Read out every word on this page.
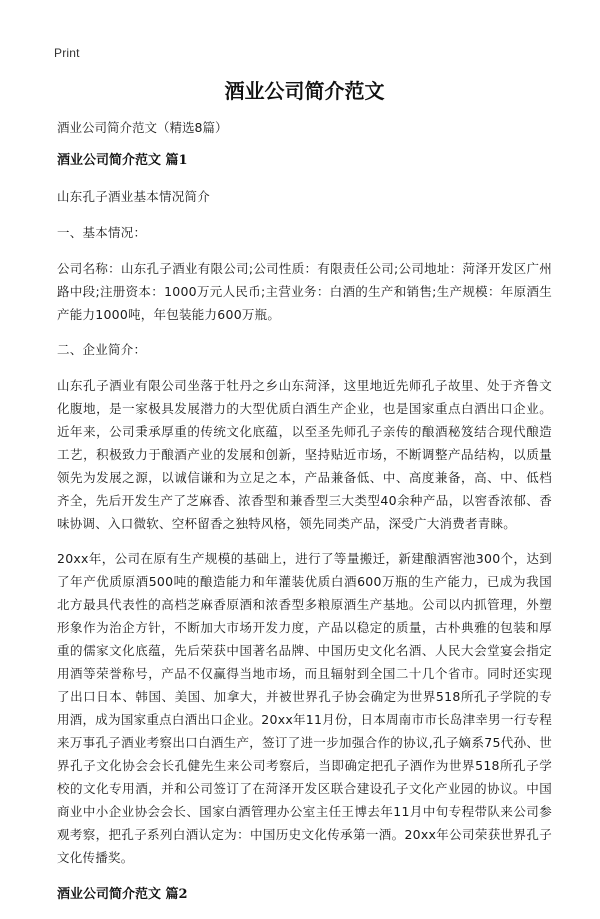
Print
酒业公司简介范文
酒业公司简介范文（精选8篇）
酒业公司简介范文 篇1

山东孔子酒业基本情况简介

一、基本情况：

公司名称：山东孔子酒业有限公司;公司性质：有限责任公司;公司地址：菏泽开发区广州路中段;注册资本：1000万元人民币;主营业务：白酒的生产和销售;生产规模：年原酒生产能力1000吨，年包装能力600万瓶。

二、企业简介：

山东孔子酒业有限公司坐落于牡丹之乡山东菏泽，这里地近先师孔子故里、处于齐鲁文化腹地，是一家极具发展潜力的大型优质白酒生产企业，也是国家重点白酒出口企业。近年来，公司秉承厚重的传统文化底蕴，以至圣先师孔子亲传的酿酒秘笈结合现代酿造工艺，积极致力于酿酒产业的发展和创新，坚持贴近市场，不断调整产品结构，以质量领先为发展之源，以诚信谦和为立足之本，产品兼备低、中、高度兼备，高、中、低档齐全，先后开发生产了芝麻香、浓香型和兼香型三大类型40余种产品，以窖香浓郁、香味协调、入口微软、空杯留香之独特风格，领先同类产品，深受广大消费者青睐。

20xx年，公司在原有生产规模的基础上，进行了等量搬迁，新建酿酒窖池300个，达到了年产优质原酒500吨的酿造能力和年灌装优质白酒600万瓶的生产能力，已成为我国北方最具代表性的高档芝麻香原酒和浓香型多粮原酒生产基地。公司以内抓管理，外塑形象作为治企方针，不断加大市场开发力度，产品以稳定的质量，古朴典雅的包装和厚重的儒家文化底蕴，先后荣获中国著名品牌、中国历史文化名酒、人民大会堂宴会指定用酒等荣誉称号，产品不仅赢得当地市场，而且辐射到全国二十几个省市。同时还实现了出口日本、韩国、美国、加拿大，并被世界孔子协会确定为世界518所孔子学院的专用酒，成为国家重点白酒出口企业。20xx年11月份，日本周南市市长岛津幸男一行专程来万事孔子酒业考察出口白酒生产，签订了进一步加强合作的协议,孔子嫡系75代孙、世界孔子文化协会会长孔健先生来公司考察后，当即确定把孔子酒作为世界518所孔子学校的文化专用酒，并和公司签订了在菏泽开发区联合建设孔子文化产业园的协议。中国商业中小企业协会会长、国家白酒管理办公室主任王博去年11月中旬专程带队来公司参观考察，把孔子系列白酒认定为：中国历史文化传承第一酒。20xx年公司荣获世界孔子文化传播奖。

酒业公司简介范文 篇2
